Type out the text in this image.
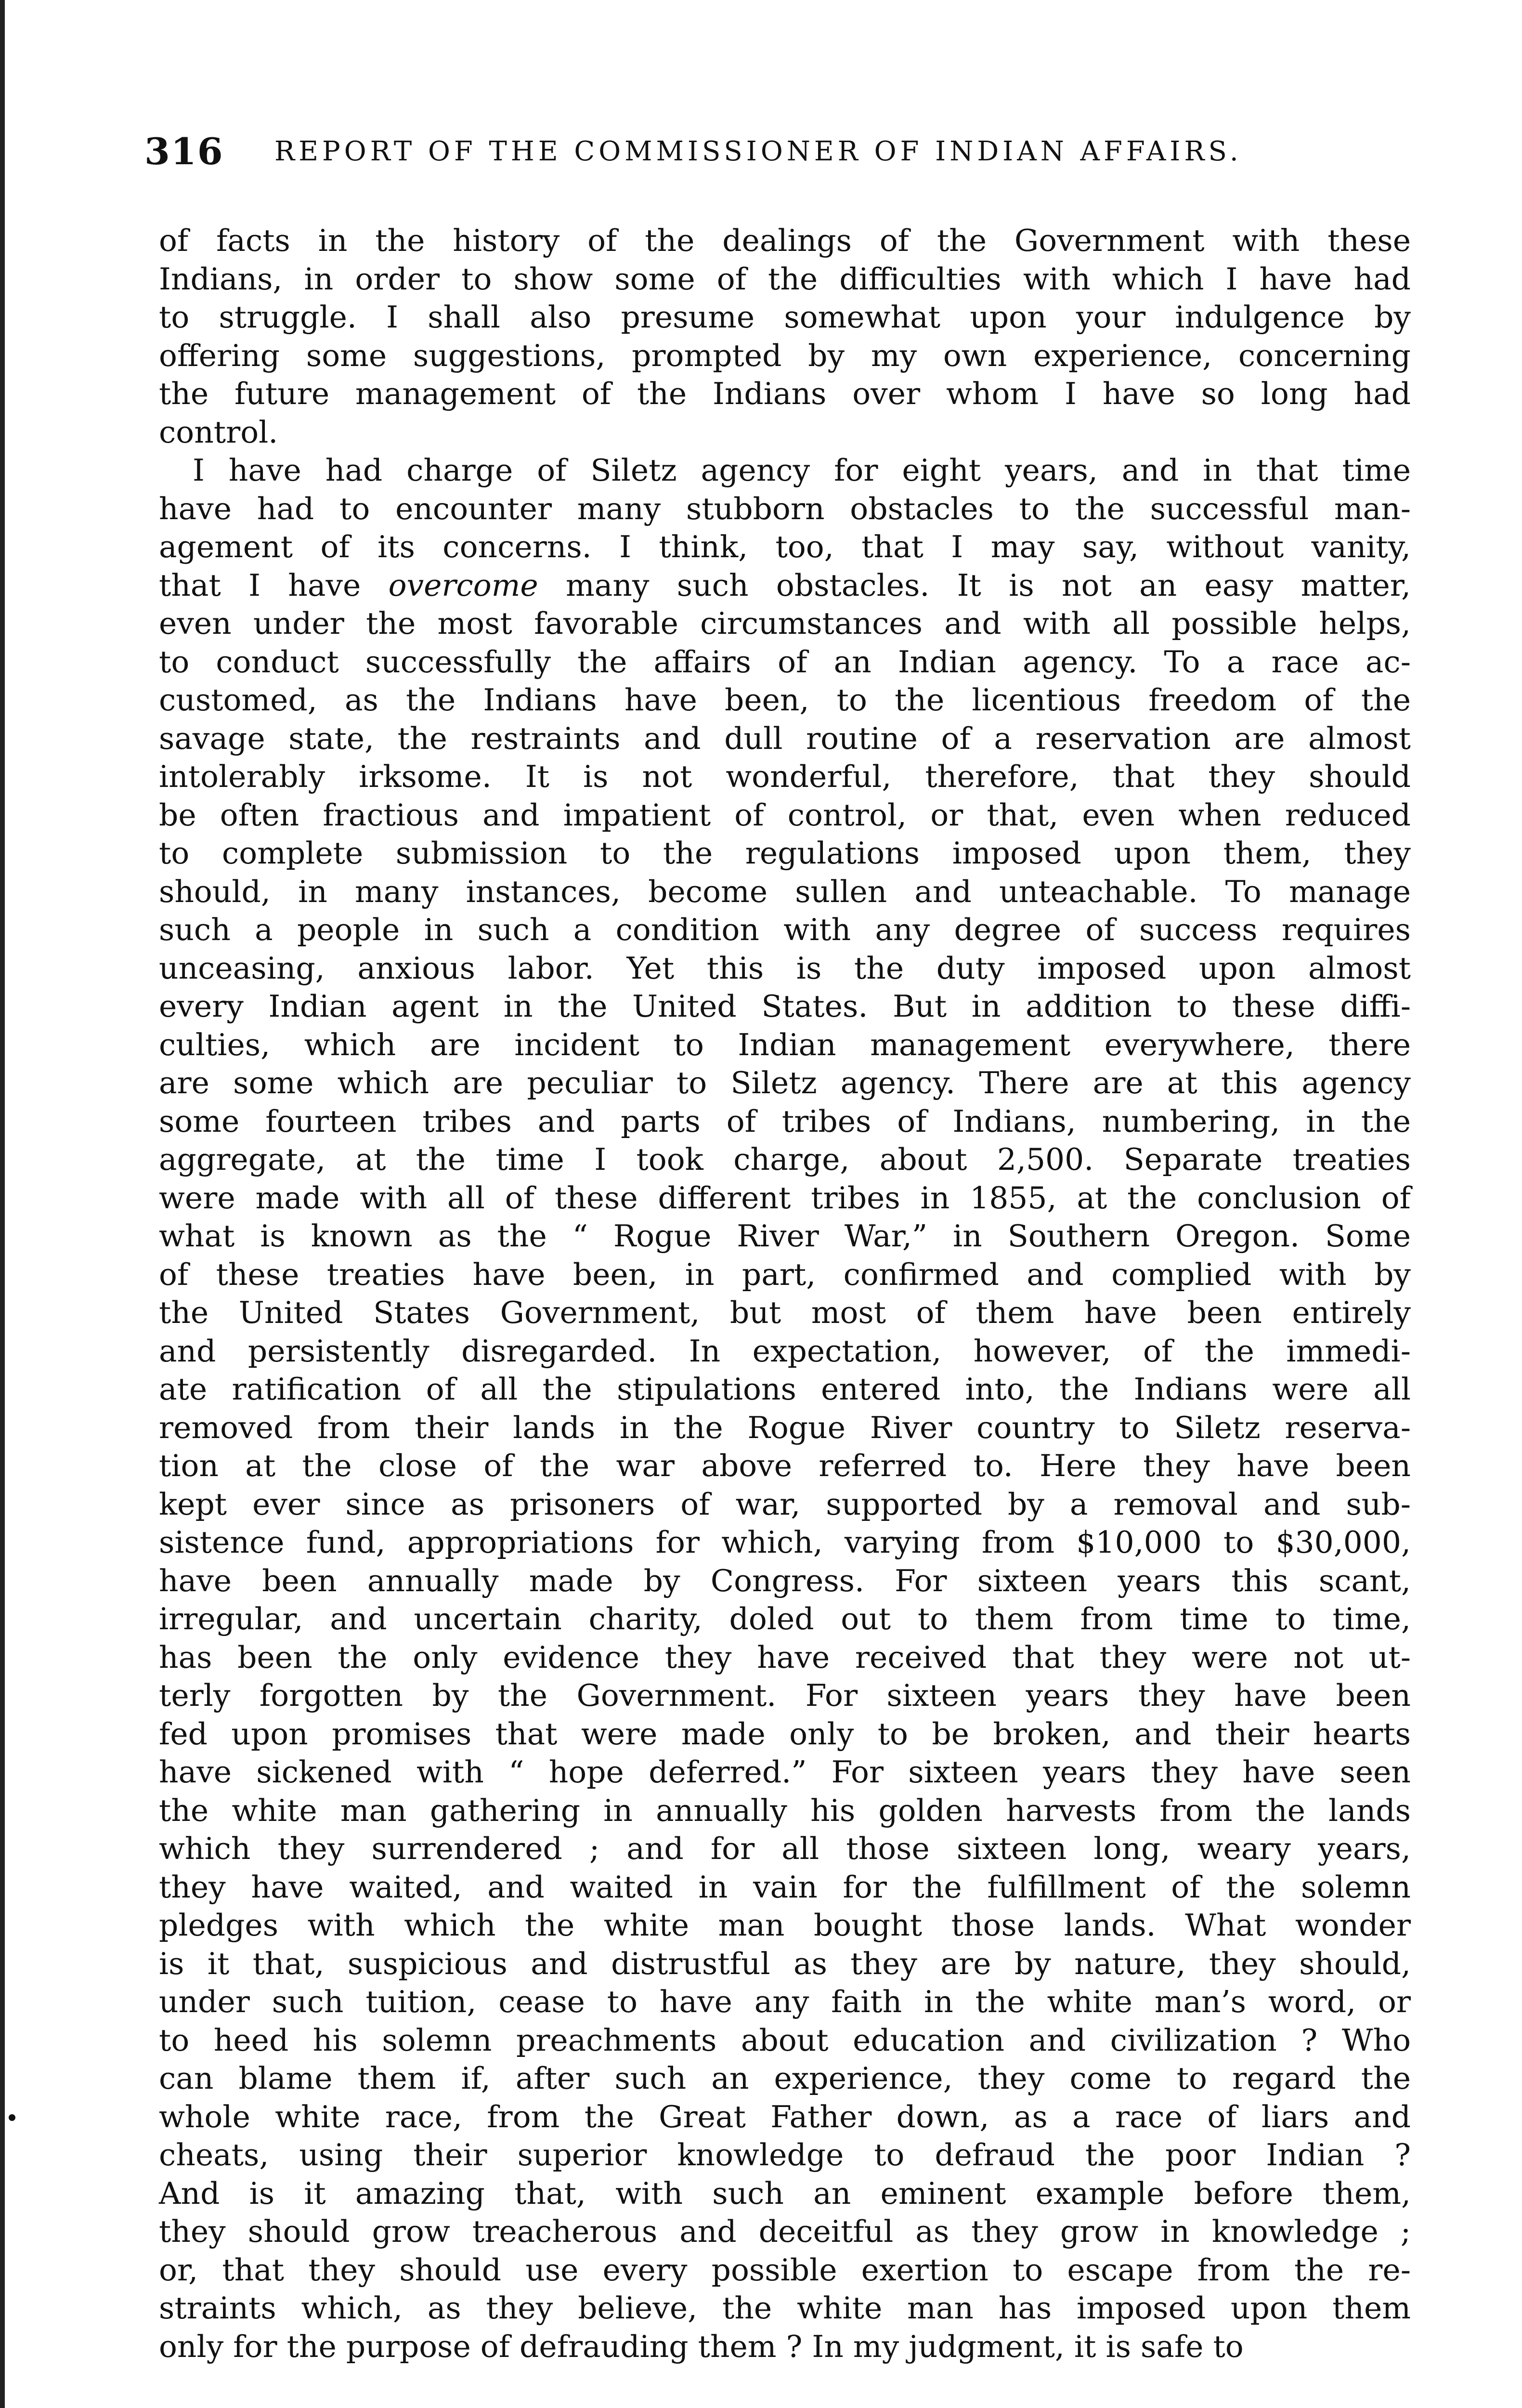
316 REPORT OF THE COMMISSIONER OF INDIAN AFFAIRS.
of facts in the history of the dealings of the Government with these
Indians, in order to show some of the difficulties with which I have had
to struggle. I shall also presume somewhat upon your indulgence by
offering some suggestions, prompted by my own experience, concerning
the future management of the Indians over whom I have so long had
control.
I have had charge of Siletz agency for eight years, and in that time
have had to encounter many stubborn obstacles to the successful man-
agement of its concerns. I think, too, that I may say, without vanity,
that I have overcome many such obstacles. It is not an easy matter,
even under the most favorable circumstances and with all possible helps,
to conduct successfully the affairs of an Indian agency. To a race ac-
customed, as the Indians have been, to the licentious freedom of the
savage state, the restraints and dull routine of a reservation are almost
intolerably irksome. It is not wonderful, therefore, that they should
be often fractious and impatient of control, or that, even when reduced
to complete submission to the regulations imposed upon them, they
should, in many instances, become sullen and unteachable. To manage
such a people in such a condition with any degree of success requires
unceasing, anxious labor. Yet this is the duty imposed upon almost
every Indian agent in the United States. But in addition to these diffi-
culties, which are incident to Indian management everywhere, there
are some which are peculiar to Siletz agency. There are at this agency
some fourteen tribes and parts of tribes of Indians, numbering, in the
aggregate, at the time I took charge, about 2,500. Separate treaties
were made with all of these different tribes in 1855, at the conclusion of
what is known as the “ Rogue River War,” in Southern Oregon. Some
of these treaties have been, in part, confirmed and complied with by
the United States Government, but most of them have been entirely
and persistently disregarded. In expectation, however, of the immedi-
ate ratification of all the stipulations entered into, the Indians were all
removed from their lands in the Rogue River country to Siletz reserva-
tion at the close of the war above referred to. Here they have been
kept ever since as prisoners of war, supported by a removal and sub-
sistence fund, appropriations for which, varying from $10,000 to $30,000,
have been annually made by Congress. For sixteen years this scant,
irregular, and uncertain charity, doled out to them from time to time,
has been the only evidence they have received that they were not ut-
terly forgotten by the Government. For sixteen years they have been
fed upon promises that were made only to be broken, and their hearts
have sickened with “ hope deferred.” For sixteen years they have seen
the white man gathering in annually his golden harvests from the lands
which they surrendered ; and for all those sixteen long, weary years,
they have waited, and waited in vain for the fulfillment of the solemn
pledges with which the white man bought those lands. What wonder
is it that, suspicious and distrustful as they are by nature, they should,
under such tuition, cease to have any faith in the white man’s word, or
to heed his solemn preachments about education and civilization ? Who
can blame them if, after such an experience, they come to regard the
whole white race, from the Great Father down, as a race of liars and
cheats, using their superior knowledge to defraud the poor Indian ?
And is it amazing that, with such an eminent example before them,
they should grow treacherous and deceitful as they grow in knowledge ;
or, that they should use every possible exertion to escape from the re-
straints which, as they believe, the white man has imposed upon them
only for the purpose of defrauding them ? In my judgment, it is safe to
